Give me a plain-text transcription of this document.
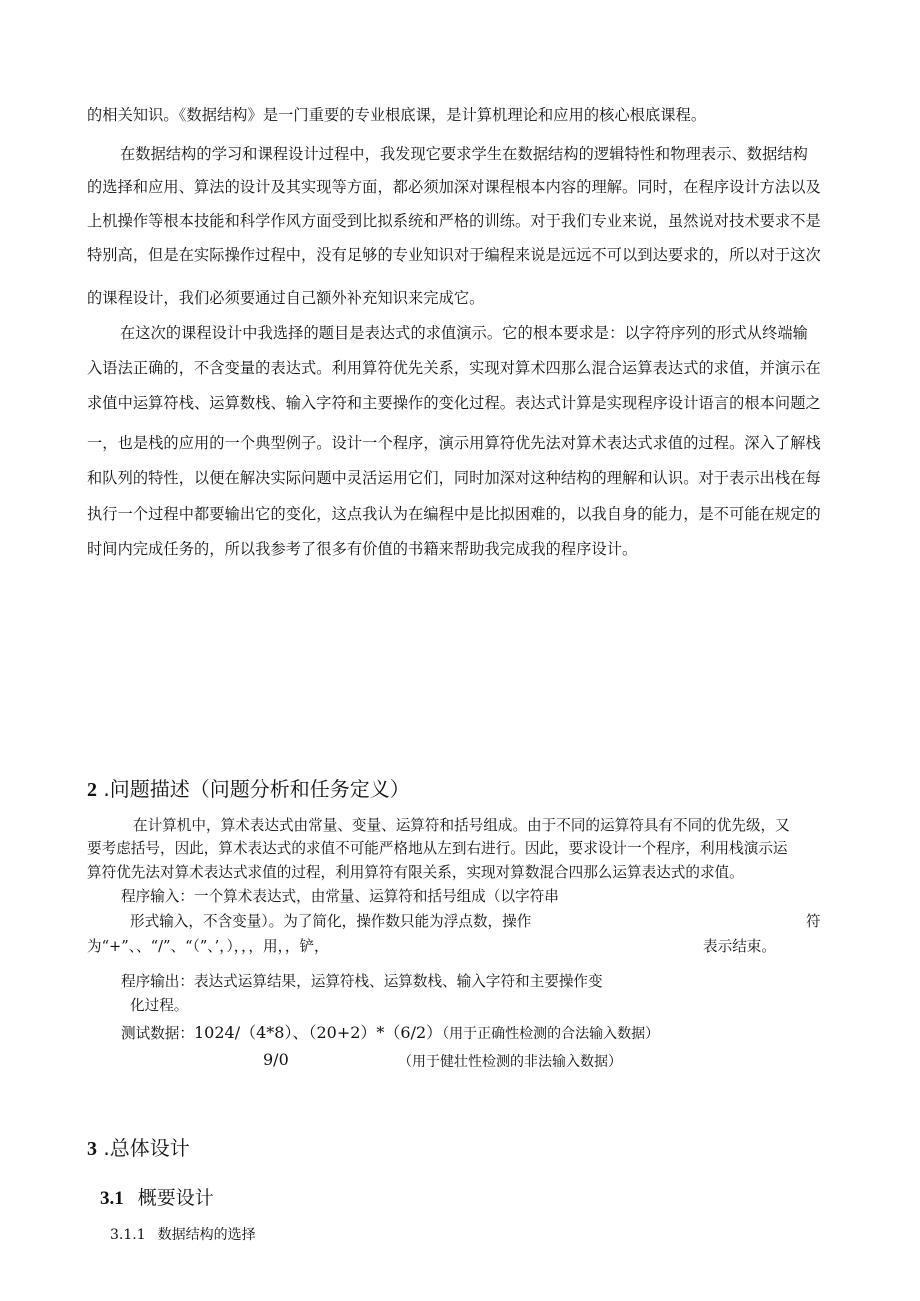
的相关知识。《数据结构》是一门重要的专业根底课，是计算机理论和应用的核心根底课程。
在数据结构的学习和课程设计过程中，我发现它要求学生在数据结构的逻辑特性和物理表示、数据结构
的选择和应用、算法的设计及其实现等方面，都必须加深对课程根本内容的理解。同时，在程序设计方法以及
上机操作等根本技能和科学作风方面受到比拟系统和严格的训练。对于我们专业来说，虽然说对技术要求不是
特别高，但是在实际操作过程中，没有足够的专业知识对于编程来说是远远不可以到达要求的，所以对于这次
的课程设计，我们必须要通过自己额外补充知识来完成它。
在这次的课程设计中我选择的题目是表达式的求值演示。它的根本要求是：以字符序列的形式从终端输
入语法正确的，不含变量的表达式。利用算符优先关系，实现对算术四那么混合运算表达式的求值，并演示在
求值中运算符栈、运算数栈、输入字符和主要操作的变化过程。表达式计算是实现程序设计语言的根本问题之
一，也是栈的应用的一个典型例子。设计一个程序，演示用算符优先法对算术表达式求值的过程。深入了解栈
和队列的特性，以便在解决实际问题中灵活运用它们，同时加深对这种结构的理解和认识。对于表示出栈在每
执行一个过程中都要输出它的变化，这点我认为在编程中是比拟困难的，以我自身的能力，是不可能在规定的
时间内完成任务的，所以我参考了很多有价值的书籍来帮助我完成我的程序设计。
2 .问题描述（问题分析和任务定义）
在计算机中，算术表达式由常量、变量、运算符和括号组成。由于不同的运算符具有不同的优先级，又
要考虑括号，因此，算术表达式的求值不可能严格地从左到右进行。因此，要求设计一个程序，利用栈演示运
算符优先法对算术表达式求值的过程，利用算符有限关系，实现对算数混合四那么运算表达式的求值。
程序输入：一个算术表达式，由常量、运算符和括号组成（以字符串
形式输入，不含变量）。为了简化，操作数只能为浮点数，操作	符
为“+”、、“/”、“（”、’，），，，用，，铲，	表示结束。
程序输出：表达式运算结果，运算符栈、运算数栈、输入字符和主要操作变
化过程。
测试数据：1024/（4*8）、（20+2）*（6/2）（用于正确性检测的合法输入数据）
9/0	（用于健壮性检测的非法输入数据）
3 .总体设计
3.1 概要设计
3.1.1 数据结构的选择
